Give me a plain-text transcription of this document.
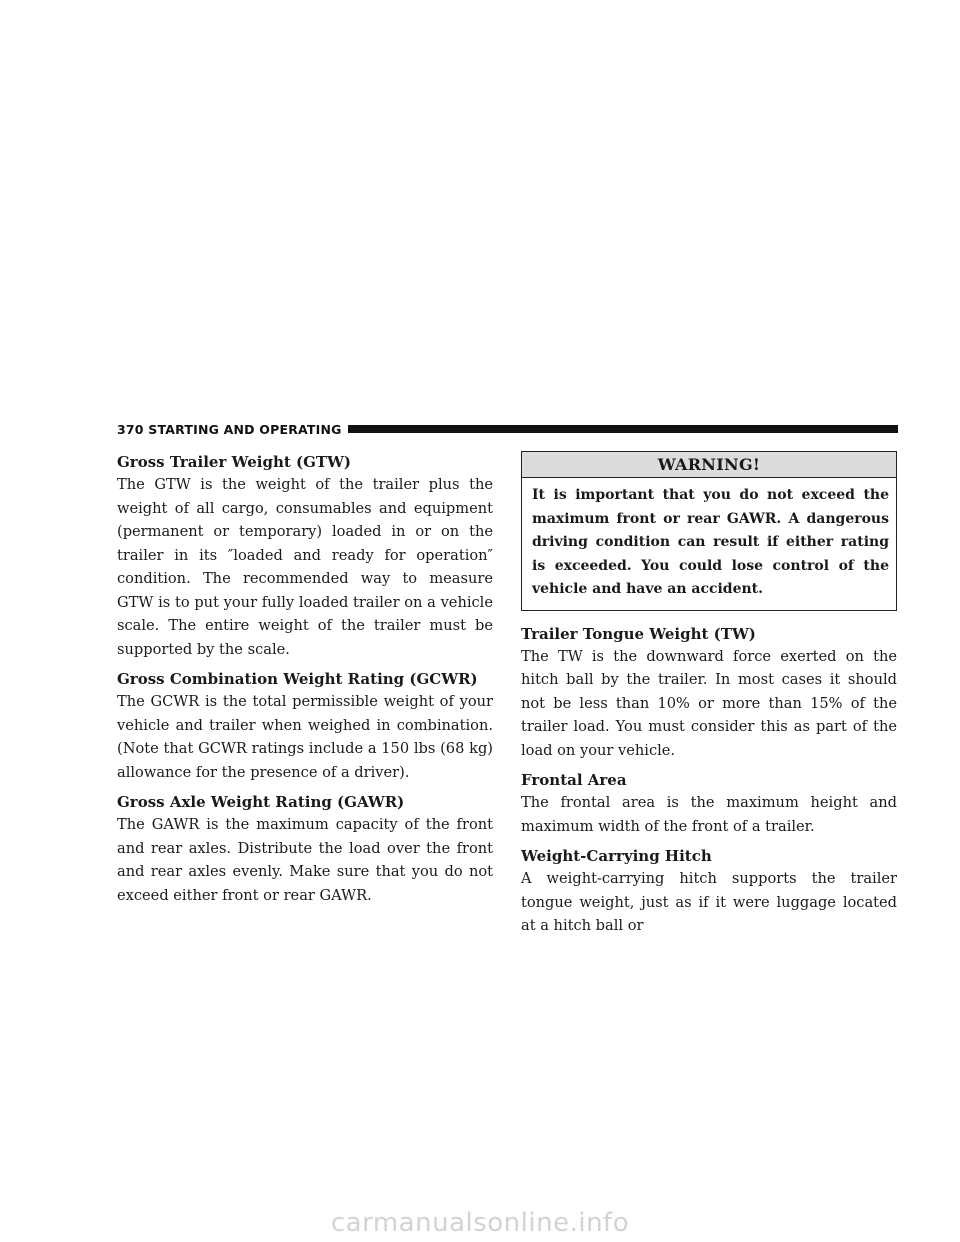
370 STARTING AND OPERATING
Gross Trailer Weight (GTW)

The GTW is the weight of the trailer plus the weight of all cargo, consumables and equipment (permanent or temporary) loaded in or on the trailer in its ″loaded and ready for operation″ condition. The recommended way to measure GTW is to put your fully loaded trailer on a vehicle scale. The entire weight of the trailer must be supported by the scale.

Gross Combination Weight Rating (GCWR)

The GCWR is the total permissible weight of your vehicle and trailer when weighed in combination. (Note that GCWR ratings include a 150 lbs (68 kg) allowance for the presence of a driver).

Gross Axle Weight Rating (GAWR)

The GAWR is the maximum capacity of the front and rear axles. Distribute the load over the front and rear axles evenly. Make sure that you do not exceed either front or rear GAWR.

WARNING!
It is important that you do not exceed the maximum front or rear GAWR. A dangerous driving condition can result if either rating is exceeded. You could lose control of the vehicle and have an accident.
Trailer Tongue Weight (TW)

The TW is the downward force exerted on the hitch ball by the trailer. In most cases it should not be less than 10% or more than 15% of the trailer load. You must consider this as part of the load on your vehicle.

Frontal Area

The frontal area is the maximum height and maximum width of the front of a trailer.

Weight-Carrying Hitch

A weight-carrying hitch supports the trailer tongue weight, just as if it were luggage located at a hitch ball or

carmanualsonline.info
